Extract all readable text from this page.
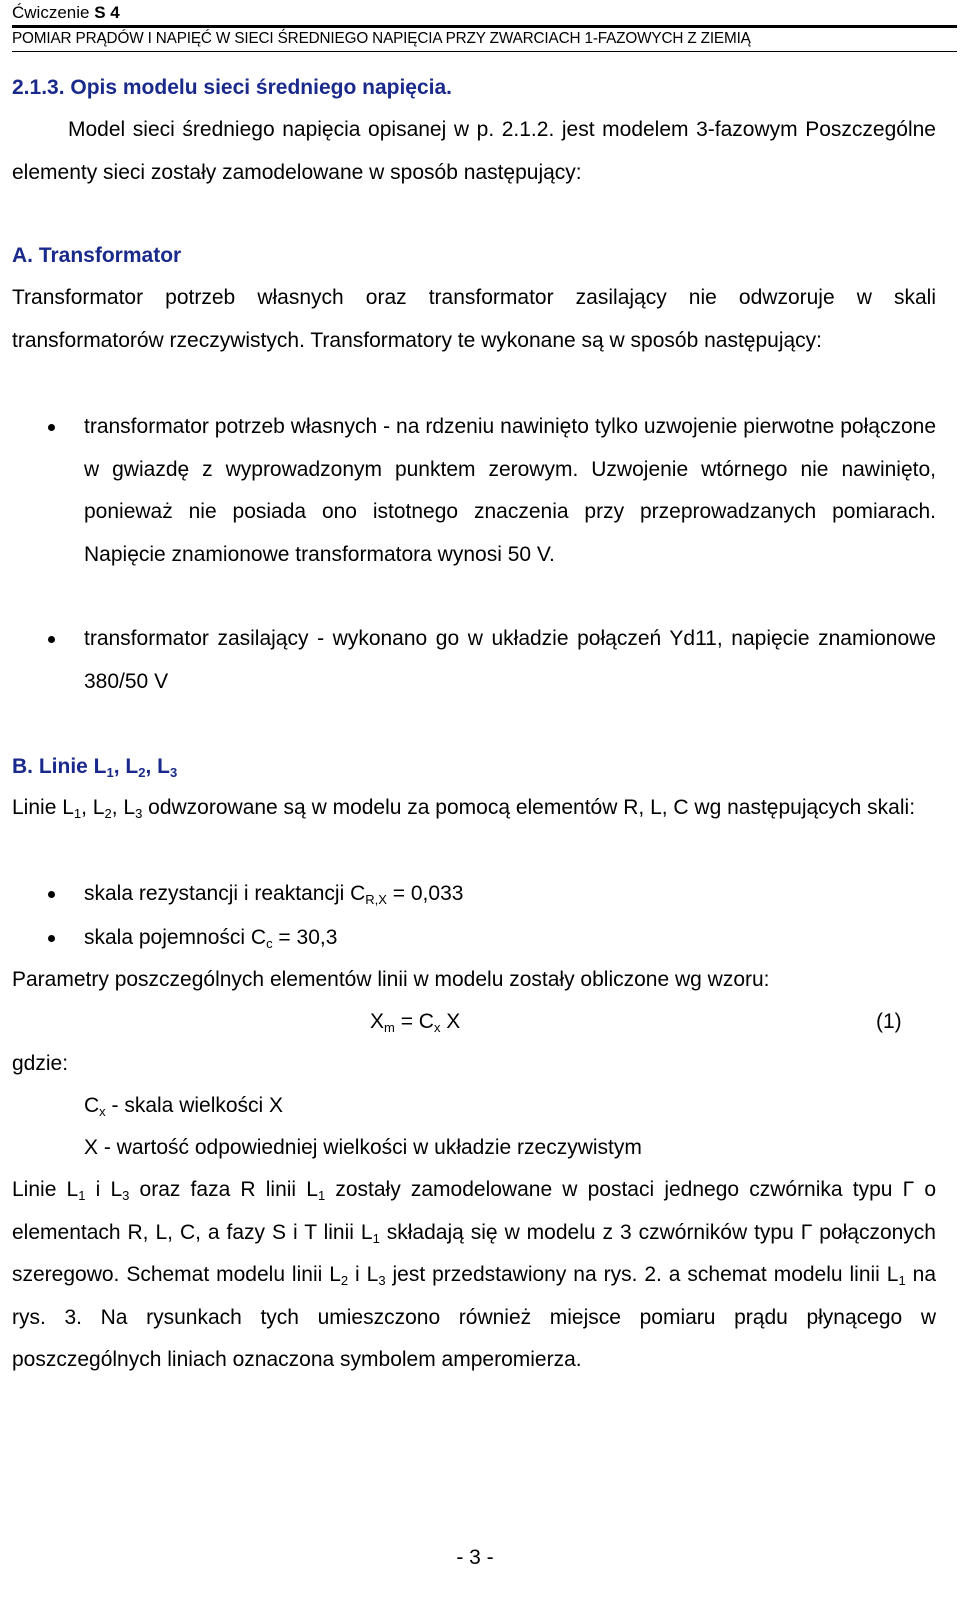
Ćwiczenie S 4
POMIAR PRĄDÓW I NAPIĘĆ W SIECI ŚREDNIEGO NAPIĘCIA PRZY ZWARCIACH 1-FAZOWYCH Z ZIEMIĄ
2.1.3. Opis modelu sieci średniego napięcia.
Model sieci średniego napięcia opisanej w p. 2.1.2. jest modelem 3-fazowym Poszczególne elementy sieci zostały zamodelowane w sposób następujący:
A. Transformator
Transformator potrzeb własnych oraz transformator zasilający nie odwzoruje w skali transformatorów rzeczywistych. Transformatory te wykonane są w sposób następujący:
transformator potrzeb własnych - na rdzeniu nawinięto tylko uzwojenie pierwotne połączone w gwiazdę z wyprowadzonym punktem zerowym. Uzwojenie wtórnego nie nawinięto, ponieważ nie posiada ono istotnego znaczenia przy przeprowadzanych pomiarach. Napięcie znamionowe transformatora wynosi 50 V.
transformator zasilający - wykonano go w układzie połączeń Yd11, napięcie znamionowe 380/50 V
B. Linie $L_1$, $L_2$, $L_3$
Linie $L_1$, $L_2$, $L_3$ odwzorowane są w modelu za pomocą elementów R, L, C wg następujących skali:
skala rezystancji i reaktancji $C_{R,X} = 0,033$
skala pojemności $C_c = 30,3$
Parametry poszczególnych elementów linii w modelu zostały obliczone wg wzoru:
$X_m = C_x$ X	(1)
gdzie:
$C_x$ - skala wielkości X
X - wartość odpowiedniej wielkości w układzie rzeczywistym
Linie $L_1$ i $L_3$ oraz faza R linii $L_1$ zostały zamodelowane w postaci jednego czwórnika typu Γ o elementach R, L, C, a fazy S i T linii $L_1$ składają się w modelu z 3 czwórników typu Γ połączonych szeregowo. Schemat modelu linii $L_2$ i $L_3$ jest przedstawiony na rys. 2. a schemat modelu linii $L_1$ na rys. 3. Na rysunkach tych umieszczono również miejsce pomiaru prądu płynącego w poszczególnych liniach oznaczona symbolem amperomierza.
- 3 -
